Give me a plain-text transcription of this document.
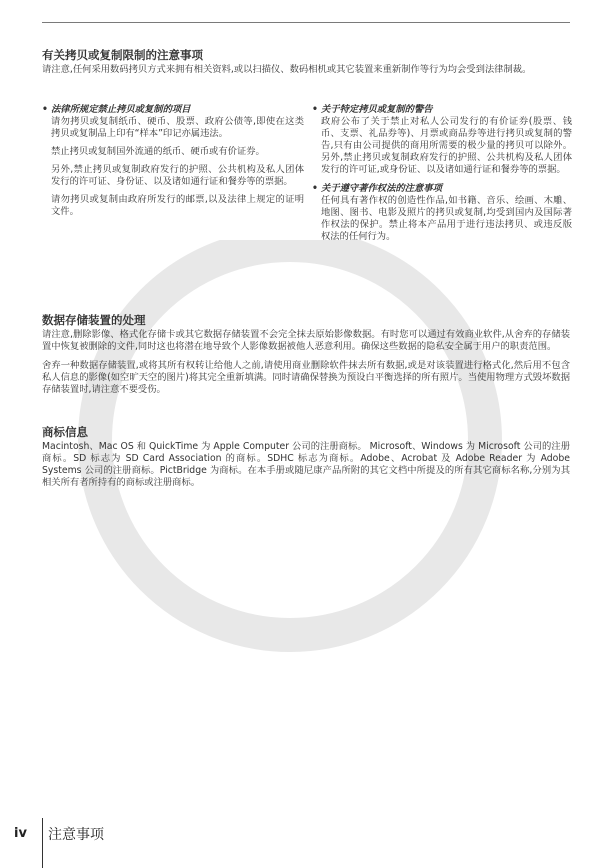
有关拷贝或复制限制的注意事项

请注意,任何采用数码拷贝方式来拥有相关资料,或以扫描仪、数码相机或其它装置来重新制作等行为均会受到法律制裁。

• 法律所规定禁止拷贝或复制的项目

请勿拷贝或复制纸币、硬币、股票、政府公债等,即使在这类拷贝或复制品上印有“样本”印记亦属违法。

禁止拷贝或复制国外流通的纸币、硬币或有价证券。

另外,禁止拷贝或复制政府发行的护照、公共机构及私人团体发行的许可证、身份证、以及诸如通行证和餐券等的票据。

请勿拷贝或复制由政府所发行的邮票,以及法律上规定的证明文件。

• 关于特定拷贝或复制的警告

政府公布了关于禁止对私人公司发行的有价证券(股票、钱币、支票、礼品券等)、月票或商品券等进行拷贝或复制的警告,只有由公司提供的商用所需要的极少量的拷贝可以除外。另外,禁止拷贝或复制政府发行的护照、公共机构及私人团体发行的许可证,或身份证、以及诸如通行证和餐券等的票据。

• 关于遵守著作权法的注意事项

任何具有著作权的创造性作品,如书籍、音乐、绘画、木雕、地图、图书、电影及照片的拷贝或复制,均受到国内及国际著作权法的保护。禁止将本产品用于进行违法拷贝、或违反版权法的任何行为。

数据存储装置的处理

请注意,删除影像、格式化存储卡或其它数据存储装置不会完全抹去原始影像数据。有时您可以通过有效商业软件,从舍弃的存储装置中恢复被删除的文件,同时这也将潜在地导致个人影像数据被他人恶意利用。确保这些数据的隐私安全属于用户的职责范围。

舍弃一种数据存储装置,或将其所有权转让给他人之前,请使用商业删除软件抹去所有数据,或是对该装置进行格式化,然后用不包含私人信息的影像(如空旷天空的图片)将其完全重新填满。同时请确保替换为预设白平衡选择的所有照片。当使用物理方式毁坏数据存储装置时,请注意不要受伤。

商标信息

Macintosh、Mac OS 和 QuickTime 为 Apple Computer 公司的注册商标。 Microsoft、Windows 为 Microsoft 公司的注册商标。SD 标志为 SD Card Association 的商标。SDHC 标志为商标。Adobe、Acrobat 及 Adobe Reader 为 Adobe Systems 公司的注册商标。PictBridge 为商标。在本手册或随尼康产品所附的其它文档中所提及的所有其它商标名称,分别为其相关所有者所持有的商标或注册商标。

iv 注意事项
